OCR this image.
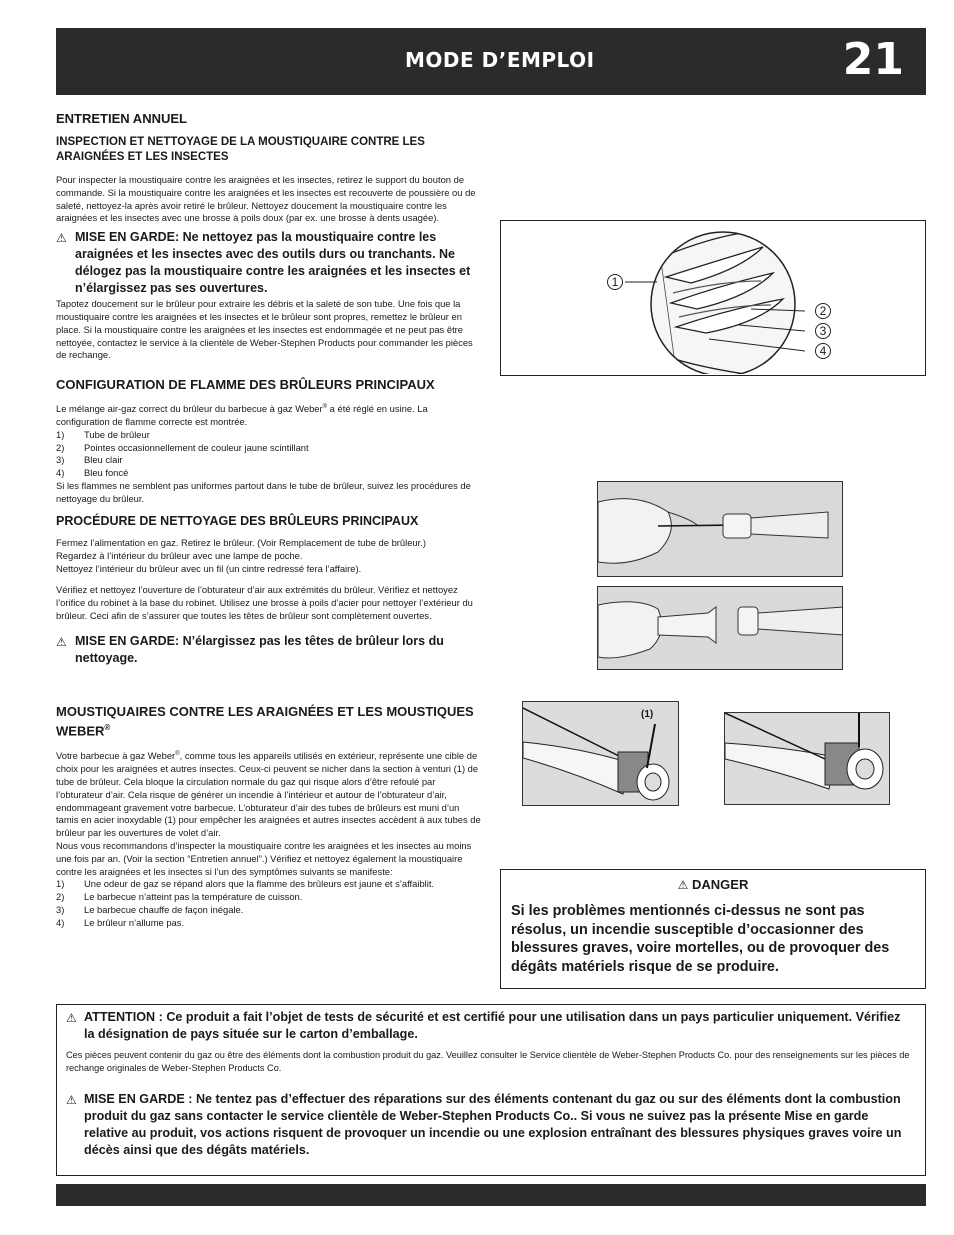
MODE D’EMPLOI	21
ENTRETIEN ANNUEL
INSPECTION ET NETTOYAGE DE LA MOUSTIQUAIRE CONTRE LES ARAIGNÉES ET LES INSECTES
Pour inspecter la moustiquaire contre les araignées et les insectes, retirez le support du bouton de commande. Si la moustiquaire contre les araignées et les insectes est recouverte de poussière ou de saleté, nettoyez-la après avoir retiré le brûleur. Nettoyez doucement la moustiquaire contre les araignées et les insectes avec une brosse à poils doux (par ex. une brosse à dents usagée).
⚠ MISE EN GARDE: Ne nettoyez pas la moustiquaire contre les araignées et les insectes avec des outils durs ou tranchants. Ne délogez pas la moustiquaire contre les araignées et les insectes et n’élargissez pas ses ouvertures.
Tapotez doucement sur le brûleur pour extraire les débris et la saleté de son tube. Une fois que la moustiquaire contre les araignées et les insectes et le brûleur sont propres, remettez le brûleur en place. Si la moustiquaire contre les araignées et les insectes est endommagée et ne peut pas être nettoyée, contactez le service à la clientèle de Weber-Stephen Products pour commander les pièces de rechange.
CONFIGURATION DE FLAMME DES BRÛLEURS PRINCIPAUX
Le mélange air-gaz correct du brûleur du barbecue à gaz Weber® a été réglé en usine. La configuration de flamme correcte est montrée.
1)	Tube de brûleur
2)	Pointes occasionnellement de couleur jaune scintillant
3)	Bleu clair
4)	Bleu foncé
Si les flammes ne semblent pas uniformes partout dans le tube de brûleur, suivez les procédures de nettoyage du brûleur.
PROCÉDURE DE NETTOYAGE DES BRÛLEURS PRINCIPAUX
Fermez l’alimentation en gaz. Retirez le brûleur. (Voir Remplacement de tube de brûleur.)
Regardez à l’intérieur du brûleur avec une lampe de poche.
Nettoyez l’intérieur du brûleur avec un fil (un cintre redressé fera l’affaire).
Vérifiez et nettoyez l’ouverture de l’obturateur d’air aux extrémités du brûleur. Vérifiez et nettoyez l’orifice du robinet à la base du robinet. Utilisez une brosse à poils d’acier pour nettoyer l’extérieur du brûleur. Ceci afin de s’assurer que toutes les têtes de brûleur sont complètement ouvertes.
⚠ MISE EN GARDE: N’élargissez pas les têtes de brûleur lors du nettoyage.
MOUSTIQUAIRES CONTRE LES ARAIGNÉES ET LES MOUSTIQUES WEBER®
Votre barbecue à gaz Weber®, comme tous les appareils utilisés en extérieur, représente une cible de choix pour les araignées et autres insectes. Ceux-ci peuvent se nicher dans la section à venturi (1) de tube de brûleur. Cela bloque la circulation normale du gaz qui risque alors d’être refoulé par l’obturateur d’air. Cela risque de générer un incendie à l’intérieur et autour de l’obturateur d’air, endommageant gravement votre barbecue. L’obturateur d’air des tubes de brûleurs est muni d’un tamis en acier inoxydable (1) pour empêcher les araignées et autres insectes accèdent à aux tubes de brûleur par les ouvertures de volet d’air.
Nous vous recommandons d’inspecter la moustiquaire contre les araignées et les insectes au moins une fois par an. (Voir la section “Entretien annuel”.) Vérifiez et nettoyez également la moustiquaire contre les araignées et les insectes si l’un des symptômes suivants se manifeste:
1)	Une odeur de gaz se répand alors que la flamme des brûleurs est jaune et s’affaiblit.
2)	Le barbecue n’atteint pas la température de cuisson.
3)	Le barbecue chauffe de façon inégale.
4)	Le brûleur n’allume pas.
1
2
3
4
(1)
⚠ DANGER
Si les problèmes mentionnés ci-dessus ne sont pas résolus, un incendie susceptible d’occasionner des blessures graves, voire mortelles, ou de provoquer des dégâts matériels risque de se produire.
⚠ ATTENTION : Ce produit a fait l’objet de tests de sécurité et est certifié pour une utilisation dans un pays particulier uniquement. Vérifiez la désignation de pays située sur le carton d’emballage.
Ces pièces peuvent contenir du gaz ou être des éléments dont la combustion produit du gaz. Veuillez consulter le Service clientèle de Weber-Stephen Products Co. pour des renseignements sur les pièces de rechange originales de Weber-Stephen Products Co.
⚠ MISE EN GARDE : Ne tentez pas d’effectuer des réparations sur des éléments contenant du gaz ou sur des éléments dont la combustion produit du gaz sans contacter le service clientèle de Weber-Stephen Products Co.. Si vous ne suivez pas la présente Mise en garde relative au produit, vos actions risquent de provoquer un incendie ou une explosion entraînant des blessures physiques graves voire un décès ainsi que des dégâts matériels.
